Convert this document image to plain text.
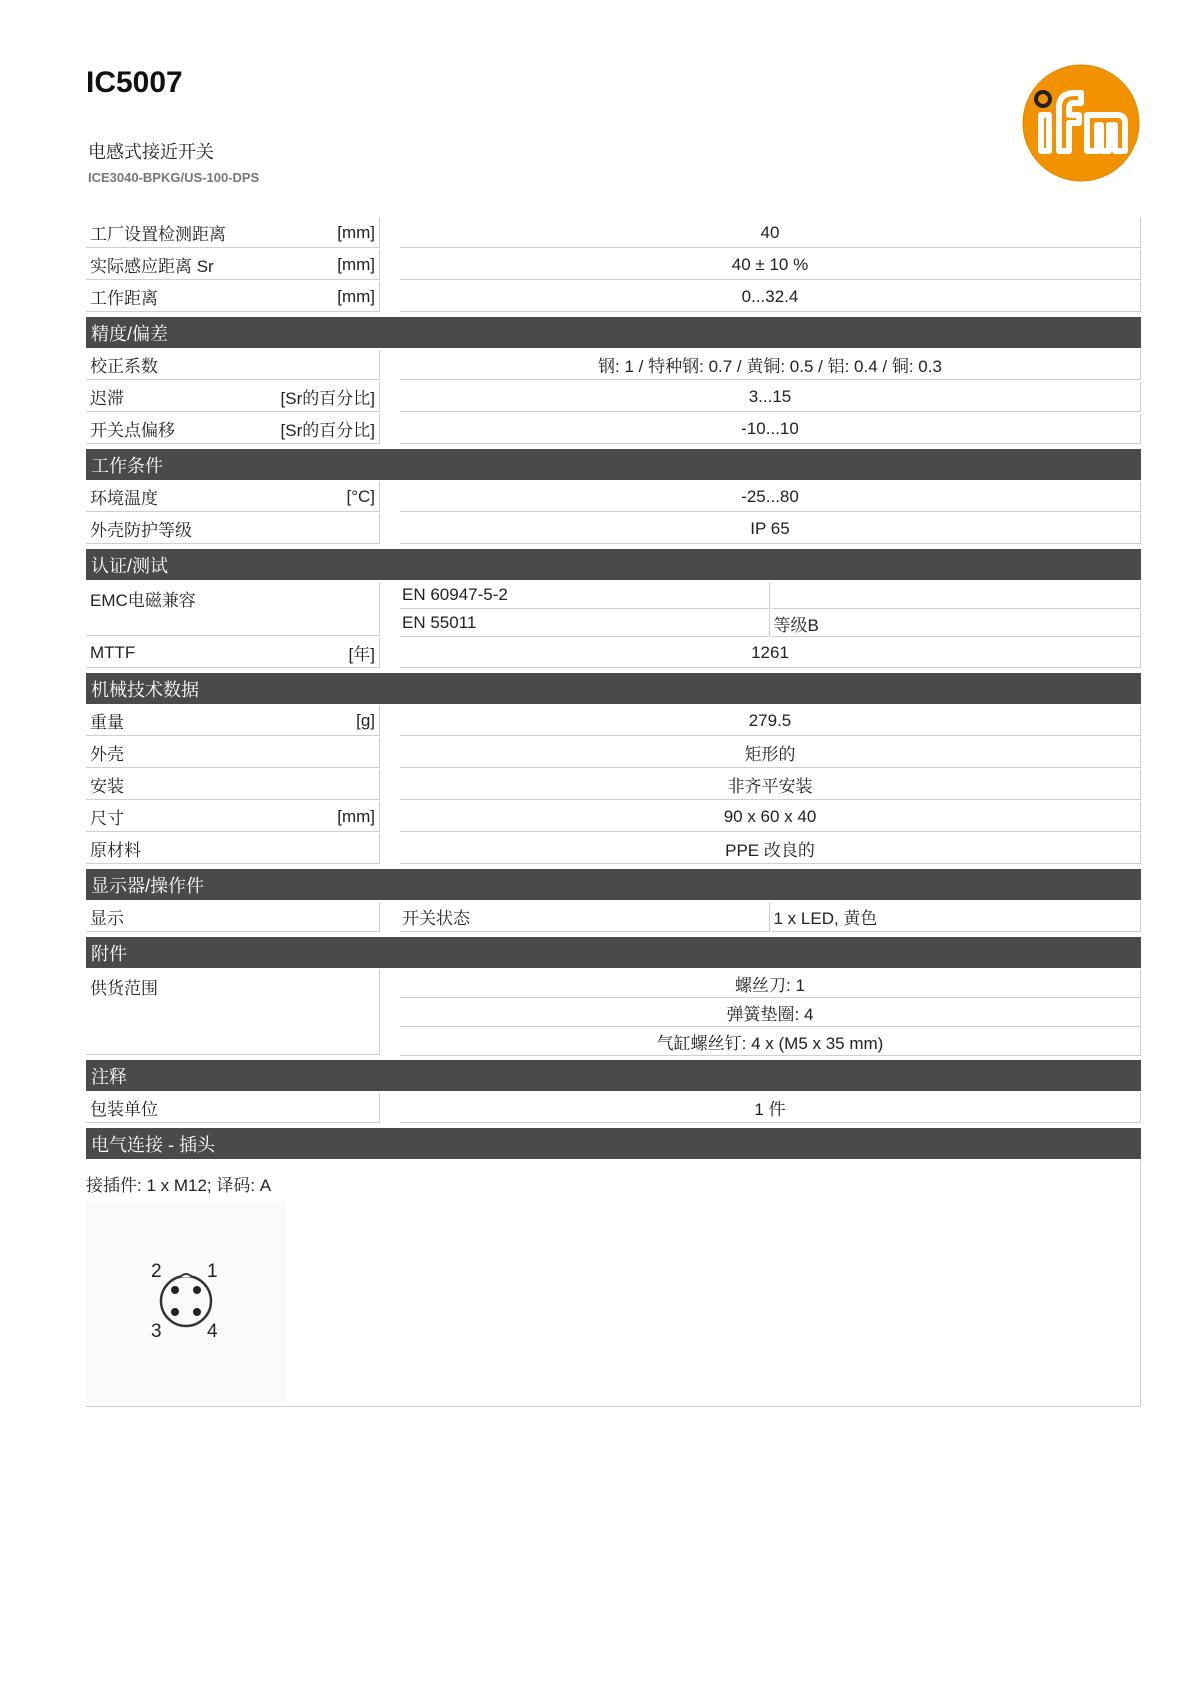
IC5007
电感式接近开关
ICE3040-BPKG/US-100-DPS
工厂设置检测距离	[mm]	40
实际感应距离 Sr	[mm]	40 ± 10 %
工作距离	[mm]	0...32.4
精度/偏差
校正系数	钢: 1 / 特种钢: 0.7 / 黄铜: 0.5 / 铝: 0.4 / 铜: 0.3
迟滞	[Sr的百分比]	3...15
开关点偏移	[Sr的百分比]	-10...10
工作条件
环境温度	[°C]	-25...80
外壳防护等级	IP 65
认证/测试
EMC电磁兼容	EN 60947-5-2
EN 55011	等级B
MTTF	[年]	1261
机械技术数据
重量	[g]	279.5
外壳	矩形的
安装	非齐平安装
尺寸	[mm]	90 x 60 x 40
原材料	PPE 改良的
显示器/操作件
显示	开关状态	1 x LED, 黄色
附件
供货范围	螺丝刀: 1
弹簧垫圈: 4
气缸螺丝钉: 4 x (M5 x 35 mm)
注释
包装单位	1 件
电气连接 - 插头
接插件: 1 x M12; 译码: A
1
2
3 4
